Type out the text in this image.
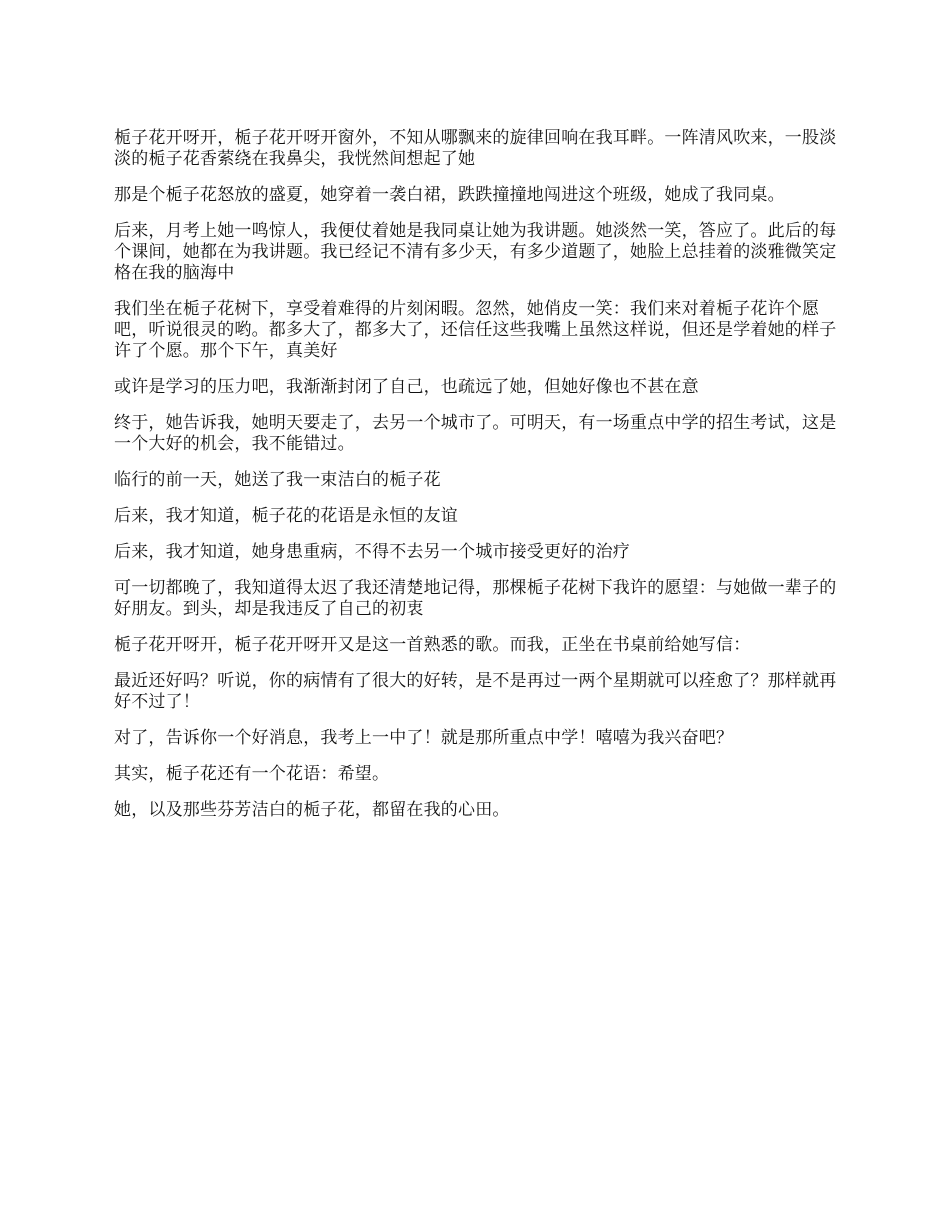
栀子花开呀开，栀子花开呀开窗外，不知从哪飘来的旋律回响在我耳畔。一阵清风吹来，一股淡淡的栀子花香萦绕在我鼻尖，我恍然间想起了她

那是个栀子花怒放的盛夏，她穿着一袭白裙，跌跌撞撞地闯进这个班级，她成了我同桌。

后来，月考上她一鸣惊人，我便仗着她是我同桌让她为我讲题。她淡然一笑，答应了。此后的每个课间，她都在为我讲题。我已经记不清有多少天，有多少道题了，她脸上总挂着的淡雅微笑定格在我的脑海中

我们坐在栀子花树下，享受着难得的片刻闲暇。忽然，她俏皮一笑：我们来对着栀子花许个愿吧，听说很灵的哟。都多大了，都多大了，还信任这些我嘴上虽然这样说，但还是学着她的样子许了个愿。那个下午，真美好

或许是学习的压力吧，我渐渐封闭了自己，也疏远了她，但她好像也不甚在意

终于，她告诉我，她明天要走了，去另一个城市了。可明天，有一场重点中学的招生考试，这是一个大好的机会，我不能错过。

临行的前一天，她送了我一束洁白的栀子花

后来，我才知道，栀子花的花语是永恒的友谊

后来，我才知道，她身患重病，不得不去另一个城市接受更好的治疗

可一切都晚了，我知道得太迟了我还清楚地记得，那棵栀子花树下我许的愿望：与她做一辈子的好朋友。到头，却是我违反了自己的初衷

栀子花开呀开，栀子花开呀开又是这一首熟悉的歌。而我，正坐在书桌前给她写信：

最近还好吗？听说，你的病情有了很大的好转，是不是再过一两个星期就可以痊愈了？那样就再好不过了！

对了，告诉你一个好消息，我考上一中了！就是那所重点中学！嘻嘻为我兴奋吧？

其实，栀子花还有一个花语：希望。

她，以及那些芬芳洁白的栀子花，都留在我的心田。
